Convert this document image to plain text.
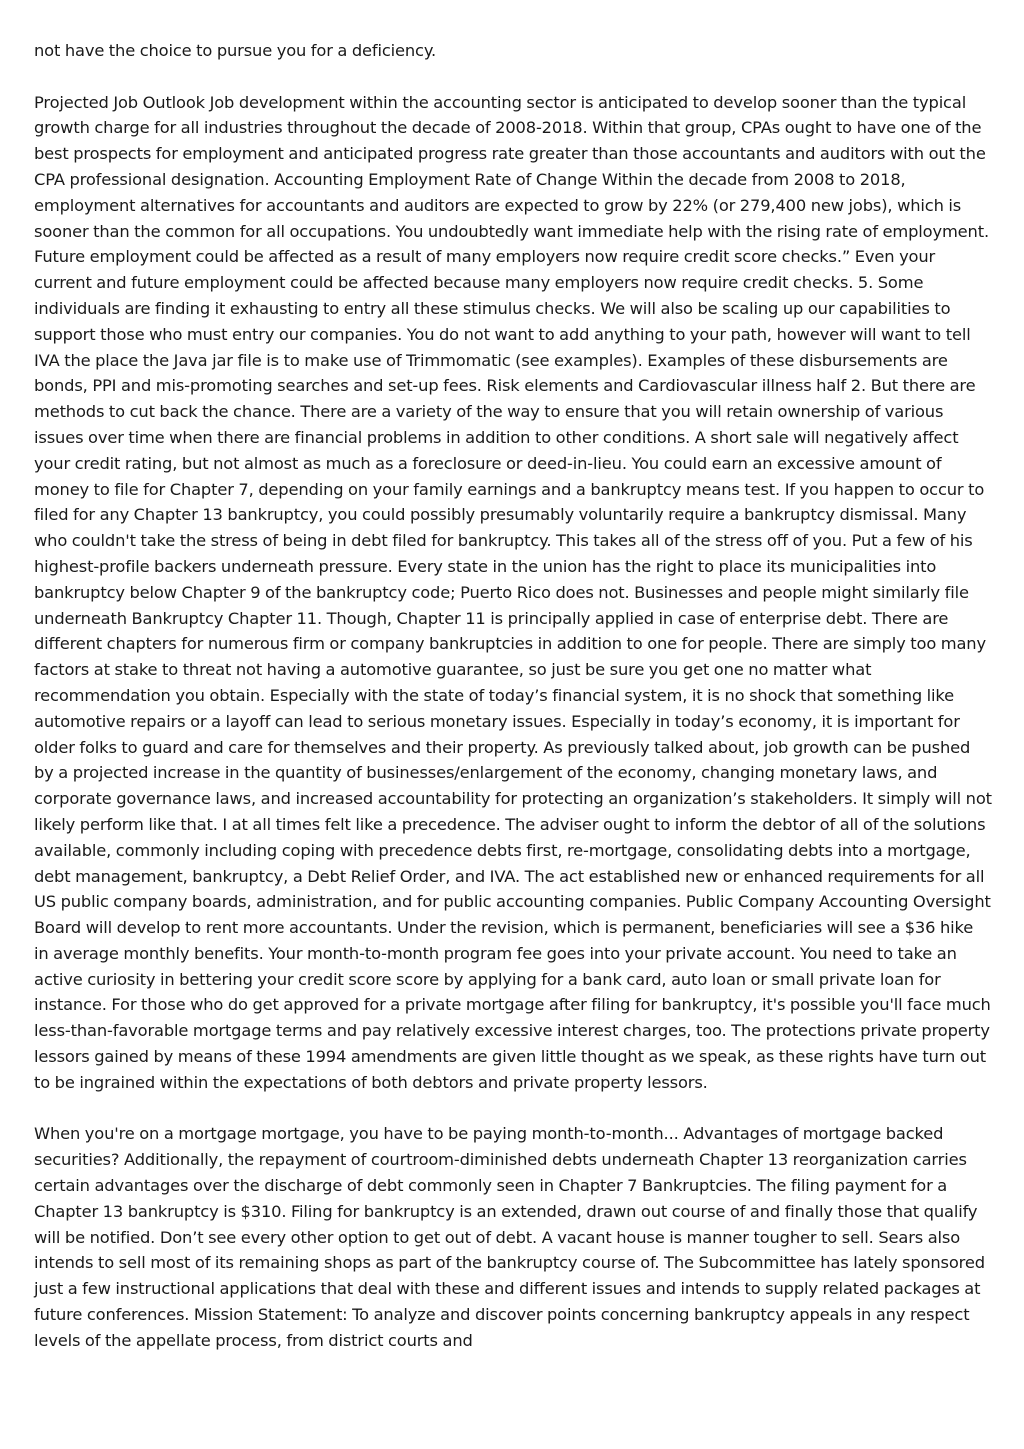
not have the choice to pursue you for a deficiency.

Projected Job Outlook Job development within the accounting sector is anticipated to develop sooner than the typical growth charge for all industries throughout the decade of 2008-2018. Within that group, CPAs ought to have one of the best prospects for employment and anticipated progress rate greater than those accountants and auditors with out the CPA professional designation. Accounting Employment Rate of Change Within the decade from 2008 to 2018, employment alternatives for accountants and auditors are expected to grow by 22% (or 279,400 new jobs), which is sooner than the common for all occupations. You undoubtedly want immediate help with the rising rate of employment. Future employment could be affected as a result of many employers now require credit score checks.” Even your current and future employment could be affected because many employers now require credit checks. 5. Some individuals are finding it exhausting to entry all these stimulus checks. We will also be scaling up our capabilities to support those who must entry our companies. You do not want to add anything to your path, however will want to tell IVA the place the Java jar file is to make use of Trimmomatic (see examples). Examples of these disbursements are bonds, PPI and mis-promoting searches and set-up fees. Risk elements and Cardiovascular illness half 2. But there are methods to cut back the chance. There are a variety of the way to ensure that you will retain ownership of various issues over time when there are financial problems in addition to other conditions. A short sale will negatively affect your credit rating, but not almost as much as a foreclosure or deed-in-lieu. You could earn an excessive amount of money to file for Chapter 7, depending on your family earnings and a bankruptcy means test. If you happen to occur to filed for any Chapter 13 bankruptcy, you could possibly presumably voluntarily require a bankruptcy dismissal. Many who couldn't take the stress of being in debt filed for bankruptcy. This takes all of the stress off of you. Put a few of his highest-profile backers underneath pressure. Every state in the union has the right to place its municipalities into bankruptcy below Chapter 9 of the bankruptcy code; Puerto Rico does not. Businesses and people might similarly file underneath Bankruptcy Chapter 11. Though, Chapter 11 is principally applied in case of enterprise debt. There are different chapters for numerous firm or company bankruptcies in addition to one for people. There are simply too many factors at stake to threat not having a automotive guarantee, so just be sure you get one no matter what recommendation you obtain. Especially with the state of today’s financial system, it is no shock that something like automotive repairs or a layoff can lead to serious monetary issues. Especially in today’s economy, it is important for older folks to guard and care for themselves and their property. As previously talked about, job growth can be pushed by a projected increase in the quantity of businesses/enlargement of the economy, changing monetary laws, and corporate governance laws, and increased accountability for protecting an organization’s stakeholders. It simply will not likely perform like that. I at all times felt like a precedence. The adviser ought to inform the debtor of all of the solutions available, commonly including coping with precedence debts first, re-mortgage, consolidating debts into a mortgage, debt management, bankruptcy, a Debt Relief Order, and IVA. The act established new or enhanced requirements for all US public company boards, administration, and for public accounting companies. Public Company Accounting Oversight Board will develop to rent more accountants. Under the revision, which is permanent, beneficiaries will see a $36 hike in average monthly benefits. Your month-to-month program fee goes into your private account. You need to take an active curiosity in bettering your credit score score by applying for a bank card, auto loan or small private loan for instance. For those who do get approved for a private mortgage after filing for bankruptcy, it's possible you'll face much less-than-favorable mortgage terms and pay relatively excessive interest charges, too. The protections private property lessors gained by means of these 1994 amendments are given little thought as we speak, as these rights have turn out to be ingrained within the expectations of both debtors and private property lessors.

When you're on a mortgage mortgage, you have to be paying month-to-month... Advantages of mortgage backed securities? Additionally, the repayment of courtroom-diminished debts underneath Chapter 13 reorganization carries certain advantages over the discharge of debt commonly seen in Chapter 7 Bankruptcies. The filing payment for a Chapter 13 bankruptcy is $310. Filing for bankruptcy is an extended, drawn out course of and finally those that qualify will be notified. Don’t see every other option to get out of debt. A vacant house is manner tougher to sell. Sears also intends to sell most of its remaining shops as part of the bankruptcy course of. The Subcommittee has lately sponsored just a few instructional applications that deal with these and different issues and intends to supply related packages at future conferences. Mission Statement: To analyze and discover points concerning bankruptcy appeals in any respect levels of the appellate process, from district courts and
